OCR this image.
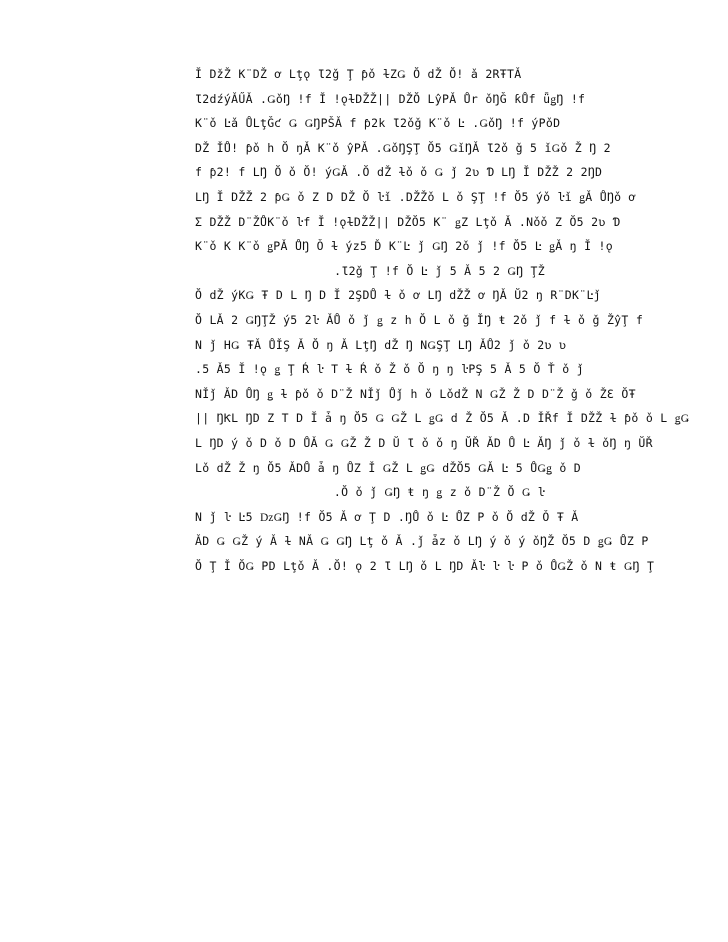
Ĭ DžŽ K¨DŽ ơ Lţǫ Ɩ2ǧ Ţ ƥǒ ɫZǤ Ŏ dŽ Ŏ! ǎ 2RŦTǍ
Ɩ2dźýǍŰǍ .ǤǒŊ !f Ĭ !ǫɫDŽŽ|| DŽŎ LŷPǍ Ůr ǒŊǦ ƙŮf ǖǥŊ !f
K¨ǒ Ŀǎ ŮLţǦƈ Ǥ ǤŊPŠǍ f ƥ2k Ɩ2ǒǧ K¨ǒ Ŀ .ǤǒŊ !f ýPǒD
DŽ ǏŮ! ƥǒ h Ŏ ŋǍ K¨ǒ ŷPǍ .ǤǒŊŞŢ Ŏ5 ǤǐŊǍ Ɩ2ǒ ǧ 5 ǐǤǒ Ž Ŋ 2
f ƥ2! f LŊ Ŏ ǒ Ŏ! ýǤǍ .Ŏ dŽ ɫǒ ǒ Ǥ ǰ 2ʋ Ɗ LŊ Ĭ DŽŽ 2 2ŊD
LŊ Ĭ DŽŽ 2 ƥǤ ǒ Z D DŽ Ŏ ŀǐ .DŽŽǒ L ǒ ŞŢ !f Ŏ5 ýǒ ŀǐ ǥǍ ŮŊǒ ơ
Σ DŽŽ D¨ŽŮK¨ǒ ŀf Ĭ !ǫɫDŽŽ|| DŽŎ5 K¨ ǥZ Lţǒ Ǎ .Nǒǒ Z Ŏ5 2ʋ Ɗ
K¨ǒ K K¨ǒ ǥPǍ ŮŊ Ǒ ɫ ýz5 Ď K¨Ŀ ǰ ǤŊ 2ǒ ǰ !f Ŏ5 Ŀ ǥǍ ŋ Ĭ !ǫ
.Ɩ2ǧ Ţ !f Ŏ Ŀ ǰ 5 Ǎ 5 2 ǤŊ ŢŽ
Ŏ dŽ ýKǤ Ŧ D L Ŋ D Ĭ 2ŞDŮ ɫ ǒ ơ LŊ dŽŽ ơ ŊǍ Ŭ2 ŋ R¨DK¨Ŀǰ
Ŏ LǍ 2 ǤŊŢŽ ý5 2ŀ ǍŮ ǒ ǰ ǥ z h Ŏ L ǒ ǧ ǏŊ ŧ 2ǒ ǰ f ɫ ǒ ǧ ŽŷŢ f
N ǰ HǤ ŦǍ ŮǏŞ Ǎ Ŏ ŋ Ǎ LţŊ dŽ Ŋ NǤŞŢ LŊ ǍŮ2 ǰ ǒ 2ʋ ʋ
.5 Ǎ5 Ĭ !ǫ ǥ Ţ Ŕ ŀ T ɫ Ŕ ǒ Ž ǒ Ŏ ŋ ŋ ŀPŞ 5 Ǎ 5 Ŏ Ť ǒ ǰ
NǏǰ ǍD ŮŊ ǥ ɫ ƥǒ ǒ D¨Ž NǏǰ Ůǰ h ǒ LǒdŽ N ǤŽ Ž D D¨Ž ǧ ǒ ŽƐ ŎŦ
|| ŊƘL ŊD Z T D Ĭ ǡ ŋ Ŏ5 Ǥ ǤŽ L ǥǤ d Ž Ŏ5 Ǎ .D ǏŘf Ĭ DŽŽ ɫ ƥǒ ǒ L ǥǤ
L ŊD ý ǒ D ǒ D ŮǍ Ǥ ǤŽ Ž D Ŭ Ɩ ǒ ǒ ŋ ŬŘ ǍD Ů Ŀ ǍŊ ǰ ǒ ɫ ǒŊ ŋ ŬŘ
Lǒ dŽ Ž ŋ Ŏ5 ǍDŮ ǡ ŋ ŮZ Ǐ ǤŽ L ǥǤ dŽŎ5 ǤǍ Ŀ 5 ŮǤǥ ǒ D
.Ŏ ǒ ǰ ǤŊ ŧ ŋ ǥ z ǒ D¨Ž Ŏ Ǥ ŀ
N ǰ ŀ Ŀ5 ǲǤŊ !f Ŏ5 Ǎ ơ Ţ D .ŊŮ ǒ Ŀ ŮZ P ǒ Ŏ dŽ Ǒ Ŧ Ǎ
ǍD Ǥ ǤŽ ý Ǎ ɫ NǍ Ǥ ǤŊ Lţ ǒ Ǎ .ǰ ǡz ǒ LŊ ý ǒ ý ǒŊŽ Ŏ5 D ǥǤ ŮZ P
Ŏ Ţ Ǐ ŎǤ PD Lţǒ Ǎ .Ŏ! ǫ 2 Ɩ LŊ ǒ L ŊD Ǎŀ ŀ ŀ P ǒ ŮǤŽ ǒ N ŧ ǤŊ Ţ
